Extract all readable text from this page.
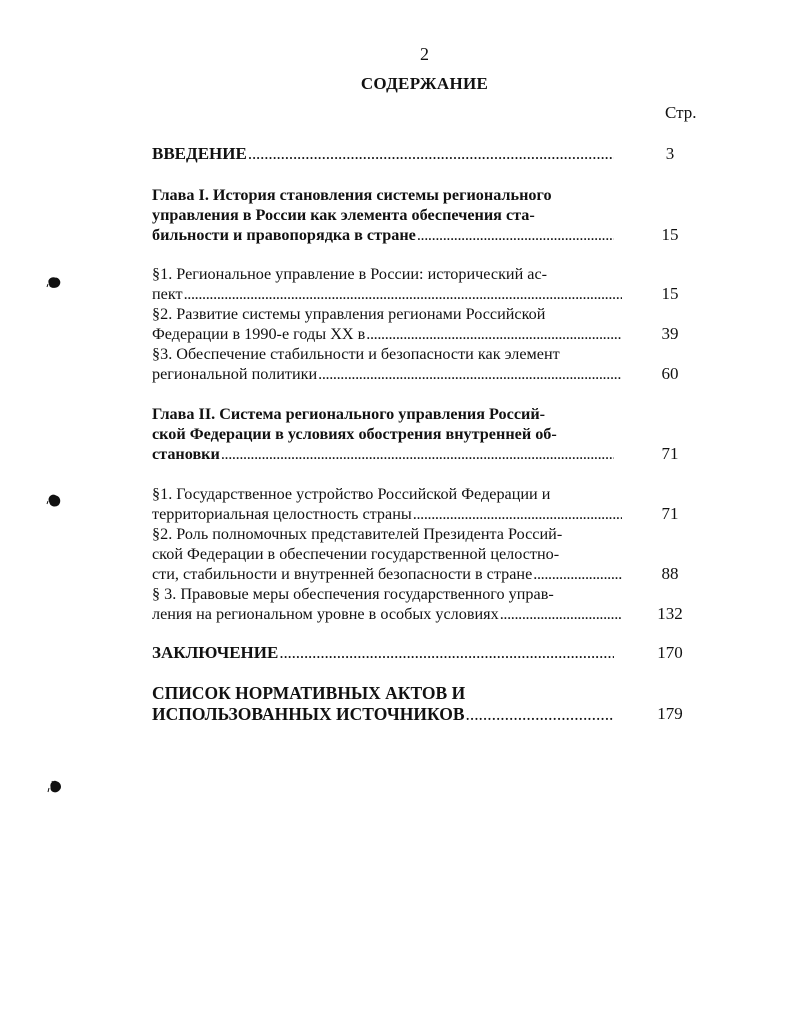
2
СОДЕРЖАНИЕ
Стр.
ВВЕДЕНИЕ . . .	3
Глава I. История становления системы регионального
управления в России как элемента обеспечения ста-
бильности и правопорядка в стране . . .	15
§1. Региональное управление в России: исторический ас-
пект . . .	15
§2. Развитие системы управления регионами Российской
Федерации в 1990-е годы XX в . . .	39
§3. Обеспечение стабильности и безопасности как элемент
региональной политики . . .	60
Глава II. Система регионального управления Россий-
ской Федерации в условиях обострения внутренней об-
становки . . .	71
§1. Государственное устройство Российской Федерации и
территориальная целостность страны . . .	71
§2. Роль полномочных представителей Президента Россий-
ской Федерации в обеспечении государственной целостно-
сти, стабильности и внутренней безопасности в стране . . .	88
§ 3. Правовые меры обеспечения государственного управ-
ления на региональном уровне в особых условиях . . .	132
ЗАКЛЮЧЕНИЕ . . .	170
СПИСОК НОРМАТИВНЫХ АКТОВ И
ИСПОЛЬЗОВАННЫХ ИСТОЧНИКОВ . . .	179
